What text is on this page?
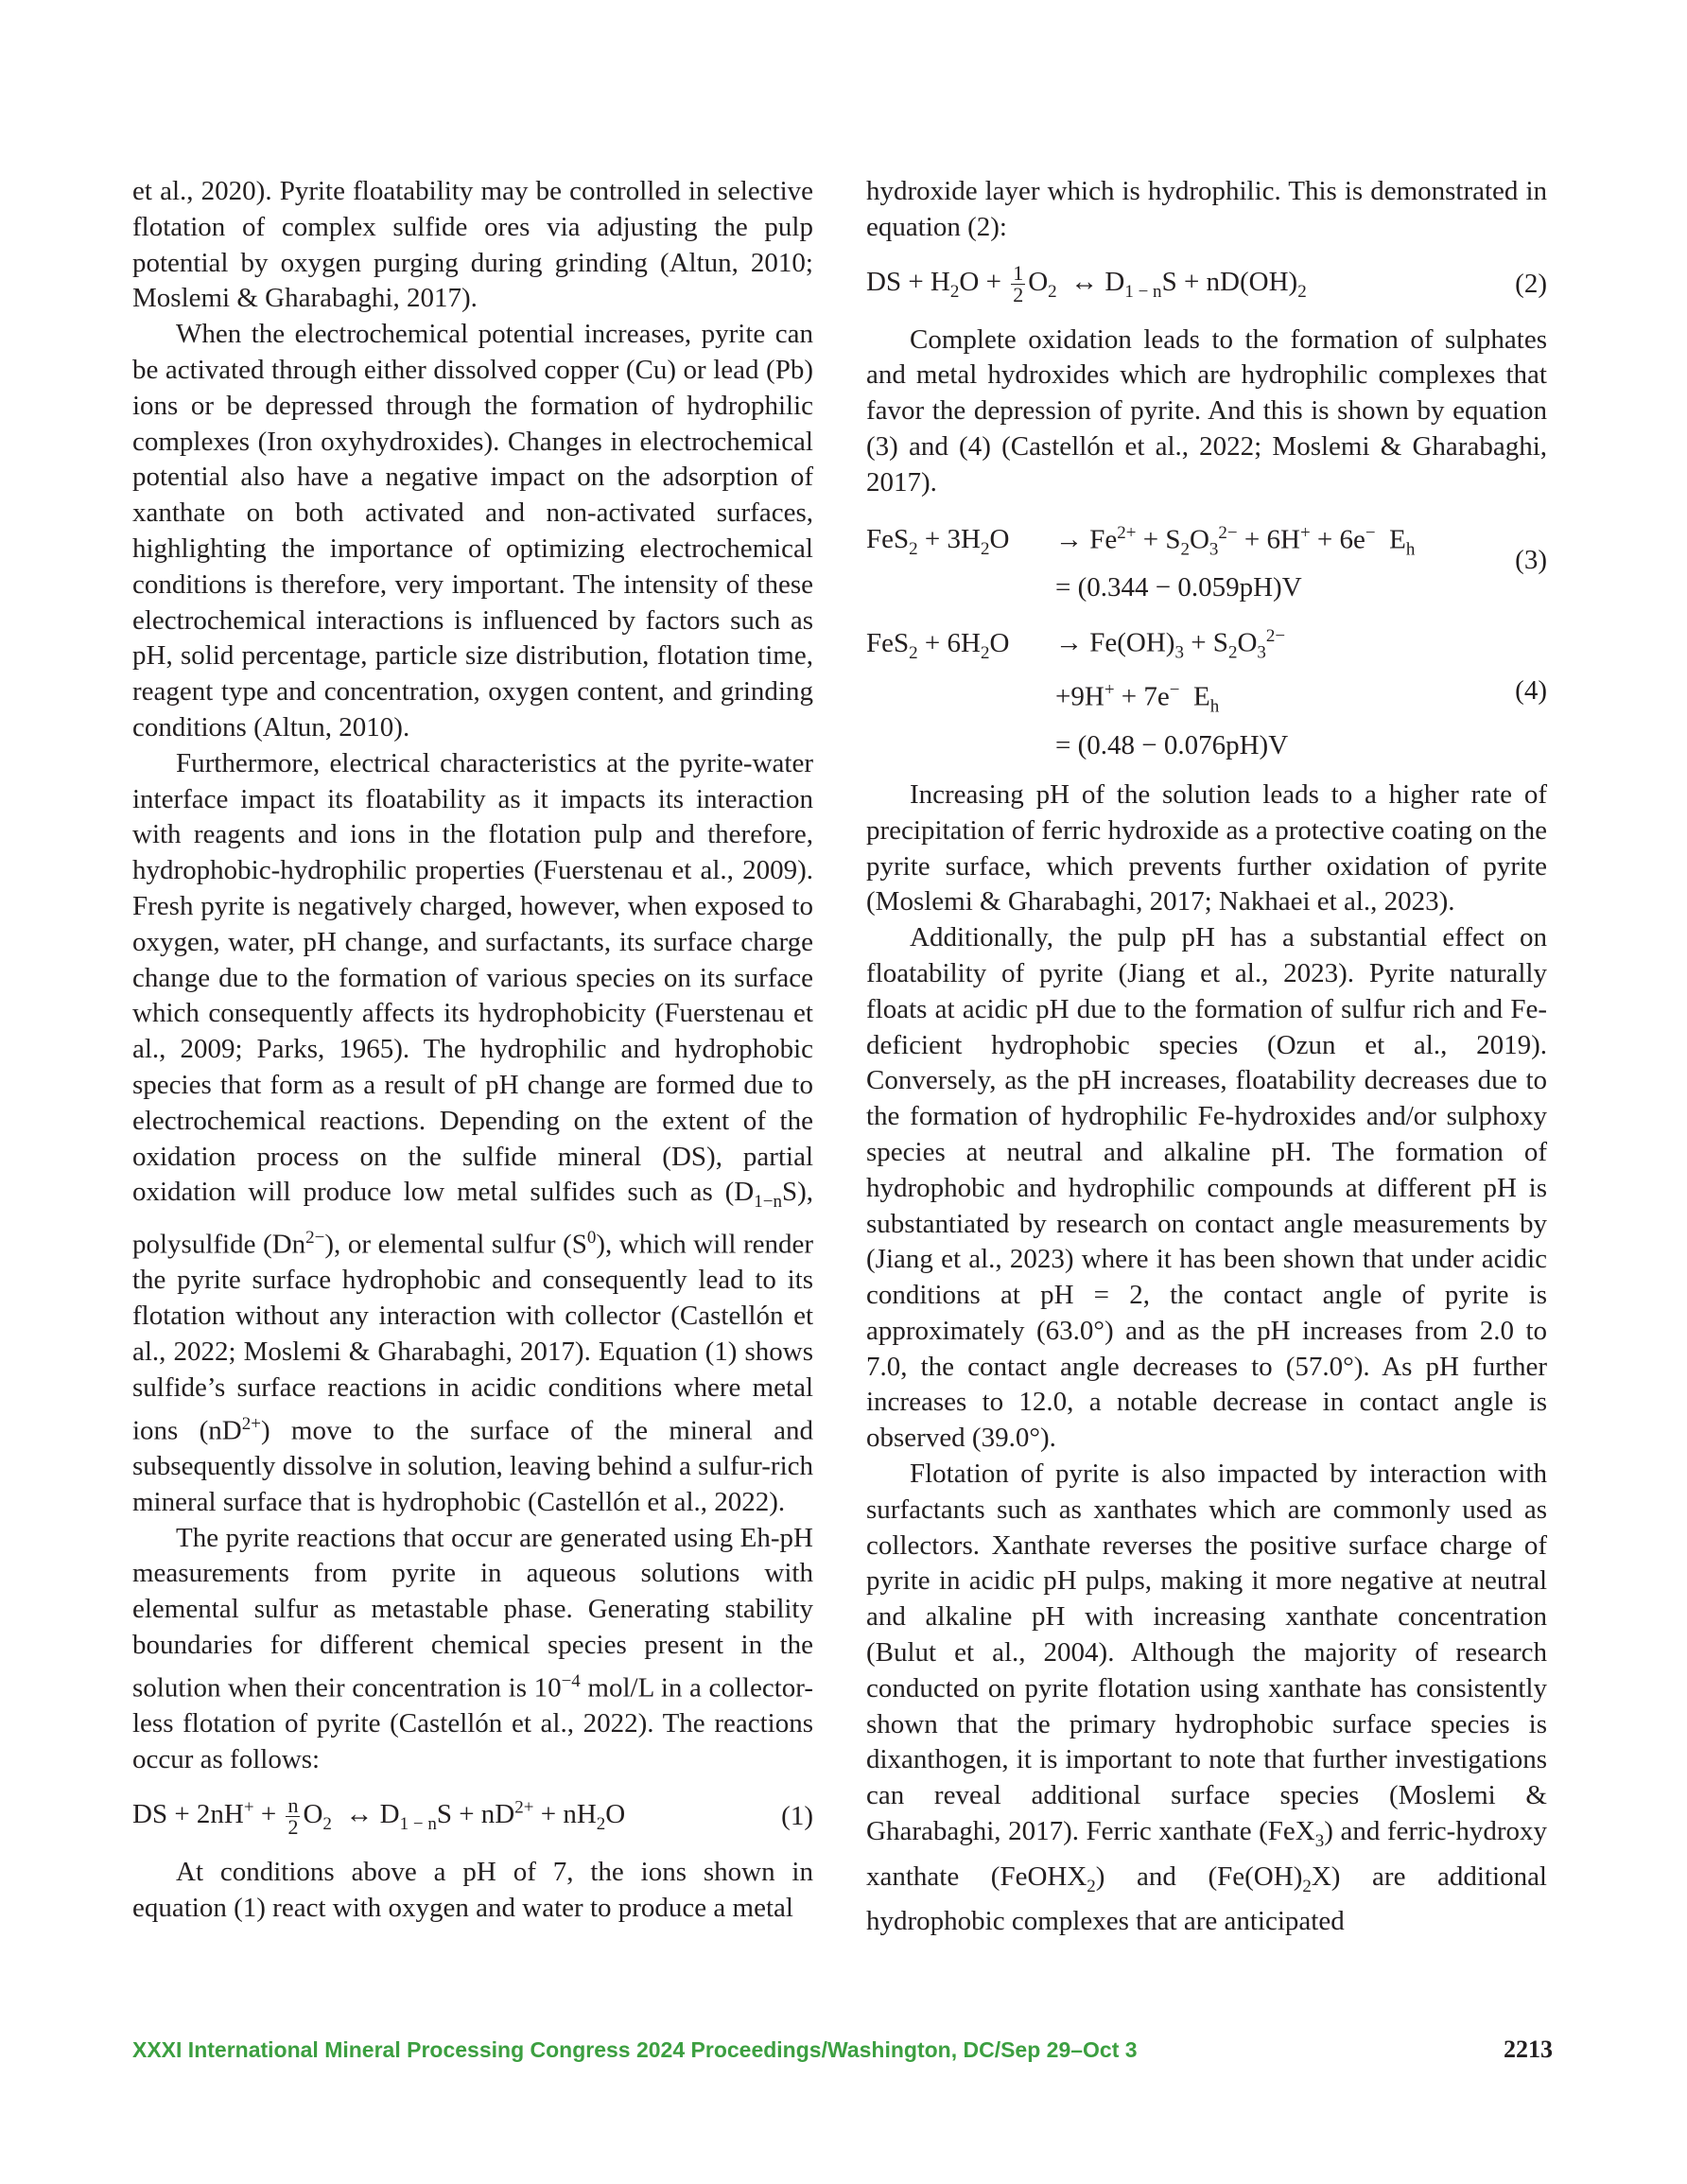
et al., 2020). Pyrite floatability may be controlled in selective flotation of complex sulfide ores via adjusting the pulp potential by oxygen purging during grinding (Altun, 2010; Moslemi & Gharabaghi, 2017).

When the electrochemical potential increases, pyrite can be activated through either dissolved copper (Cu) or lead (Pb) ions or be depressed through the formation of hydrophilic complexes (Iron oxyhydroxides). Changes in electrochemical potential also have a negative impact on the adsorption of xanthate on both activated and non-activated surfaces, highlighting the importance of optimizing electrochemical conditions is therefore, very important. The intensity of these electrochemical interactions is influenced by factors such as pH, solid percentage, particle size distribution, flotation time, reagent type and concentration, oxygen content, and grinding conditions (Altun, 2010).

Furthermore, electrical characteristics at the pyrite-water interface impact its floatability as it impacts its interaction with reagents and ions in the flotation pulp and therefore, hydrophobic-hydrophilic properties (Fuerstenau et al., 2009). Fresh pyrite is negatively charged, however, when exposed to oxygen, water, pH change, and surfactants, its surface charge change due to the formation of various species on its surface which consequently affects its hydrophobicity (Fuerstenau et al., 2009; Parks, 1965). The hydrophilic and hydrophobic species that form as a result of pH change are formed due to electrochemical reactions. Depending on the extent of the oxidation process on the sulfide mineral (DS), partial oxidation will produce low metal sulfides such as $(D_{1-n}S)$, polysulfide $(Dn^{2-})$, or elemental sulfur $(S^0)$, which will render the pyrite surface hydrophobic and consequently lead to its flotation without any interaction with collector (Castellón et al., 2022; Moslemi & Gharabaghi, 2017). Equation (1) shows sulfide’s surface reactions in acidic conditions where metal ions $(nD^{2+})$ move to the surface of the mineral and subsequently dissolve in solution, leaving behind a sulfur-rich mineral surface that is hydrophobic (Castellón et al., 2022).

The pyrite reactions that occur are generated using Eh-pH measurements from pyrite in aqueous solutions with elemental sulfur as metastable phase. Generating stability boundaries for different chemical species present in the solution when their concentration is $10^{-4}$ mol/L in a collector-less flotation of pyrite (Castellón et al., 2022). The reactions occur as follows:

DS + $2nH^+ + \frac{n}{2} O_2$  ↔ $D_{1 - n}S + nD^{2+} + nH_2O$	(1)

At conditions above a pH of 7, the ions shown in equation (1) react with oxygen and water to produce a metal

hydroxide layer which is hydrophilic. This is demonstrated in equation (2):

DS + $H_2O + \frac{1}{2} O_2$  ↔ $D_{1 - n}S + nD(OH)_2$	(2)

Complete oxidation leads to the formation of sulphates and metal hydroxides which are hydrophilic complexes that favor the depression of pyrite. And this is shown by equation (3) and (4) (Castellón et al., 2022; Moslemi & Gharabaghi, 2017).

$FeS_2 + 3H_2O \to Fe^{2+} + S_2O_3^{2-} + 6H^+ + 6e^-$  $E_h$
= (0.344 − 0.059pH)V
(3)
$FeS_2 + 6H_2O \to Fe(OH)_3 + S_2O_3^{2-}$
+9H+ + 7e−  $E_h$
= (0.48 − 0.076pH)V
(4)

Increasing pH of the solution leads to a higher rate of precipitation of ferric hydroxide as a protective coating on the pyrite surface, which prevents further oxidation of pyrite (Moslemi & Gharabaghi, 2017; Nakhaei et al., 2023).

Additionally, the pulp pH has a substantial effect on floatability of pyrite (Jiang et al., 2023). Pyrite naturally floats at acidic pH due to the formation of sulfur rich and Fe-deficient hydrophobic species (Ozun et al., 2019). Conversely, as the pH increases, floatability decreases due to the formation of hydrophilic Fe-hydroxides and/or sulphoxy species at neutral and alkaline pH. The formation of hydrophobic and hydrophilic compounds at different pH is substantiated by research on contact angle measurements by (Jiang et al., 2023) where it has been shown that under acidic conditions at pH = 2, the contact angle of pyrite is approximately (63.0°) and as the pH increases from 2.0 to 7.0, the contact angle decreases to (57.0°). As pH further increases to 12.0, a notable decrease in contact angle is observed (39.0°).

Flotation of pyrite is also impacted by interaction with surfactants such as xanthates which are commonly used as collectors. Xanthate reverses the positive surface charge of pyrite in acidic pH pulps, making it more negative at neutral and alkaline pH with increasing xanthate concentration (Bulut et al., 2004). Although the majority of research conducted on pyrite flotation using xanthate has consistently shown that the primary hydrophobic surface species is dixanthogen, it is important to note that further investigations can reveal additional surface species (Moslemi & Gharabaghi, 2017). Ferric xanthate (FeX$_3$) and ferric-hydroxy xanthate (FeOHX$_2$) and $(Fe(OH)_2X)$ are additional hydrophobic complexes that are anticipated

XXXI International Mineral Processing Congress 2024 Proceedings/Washington, DC/Sep 29–Oct 3	2213
